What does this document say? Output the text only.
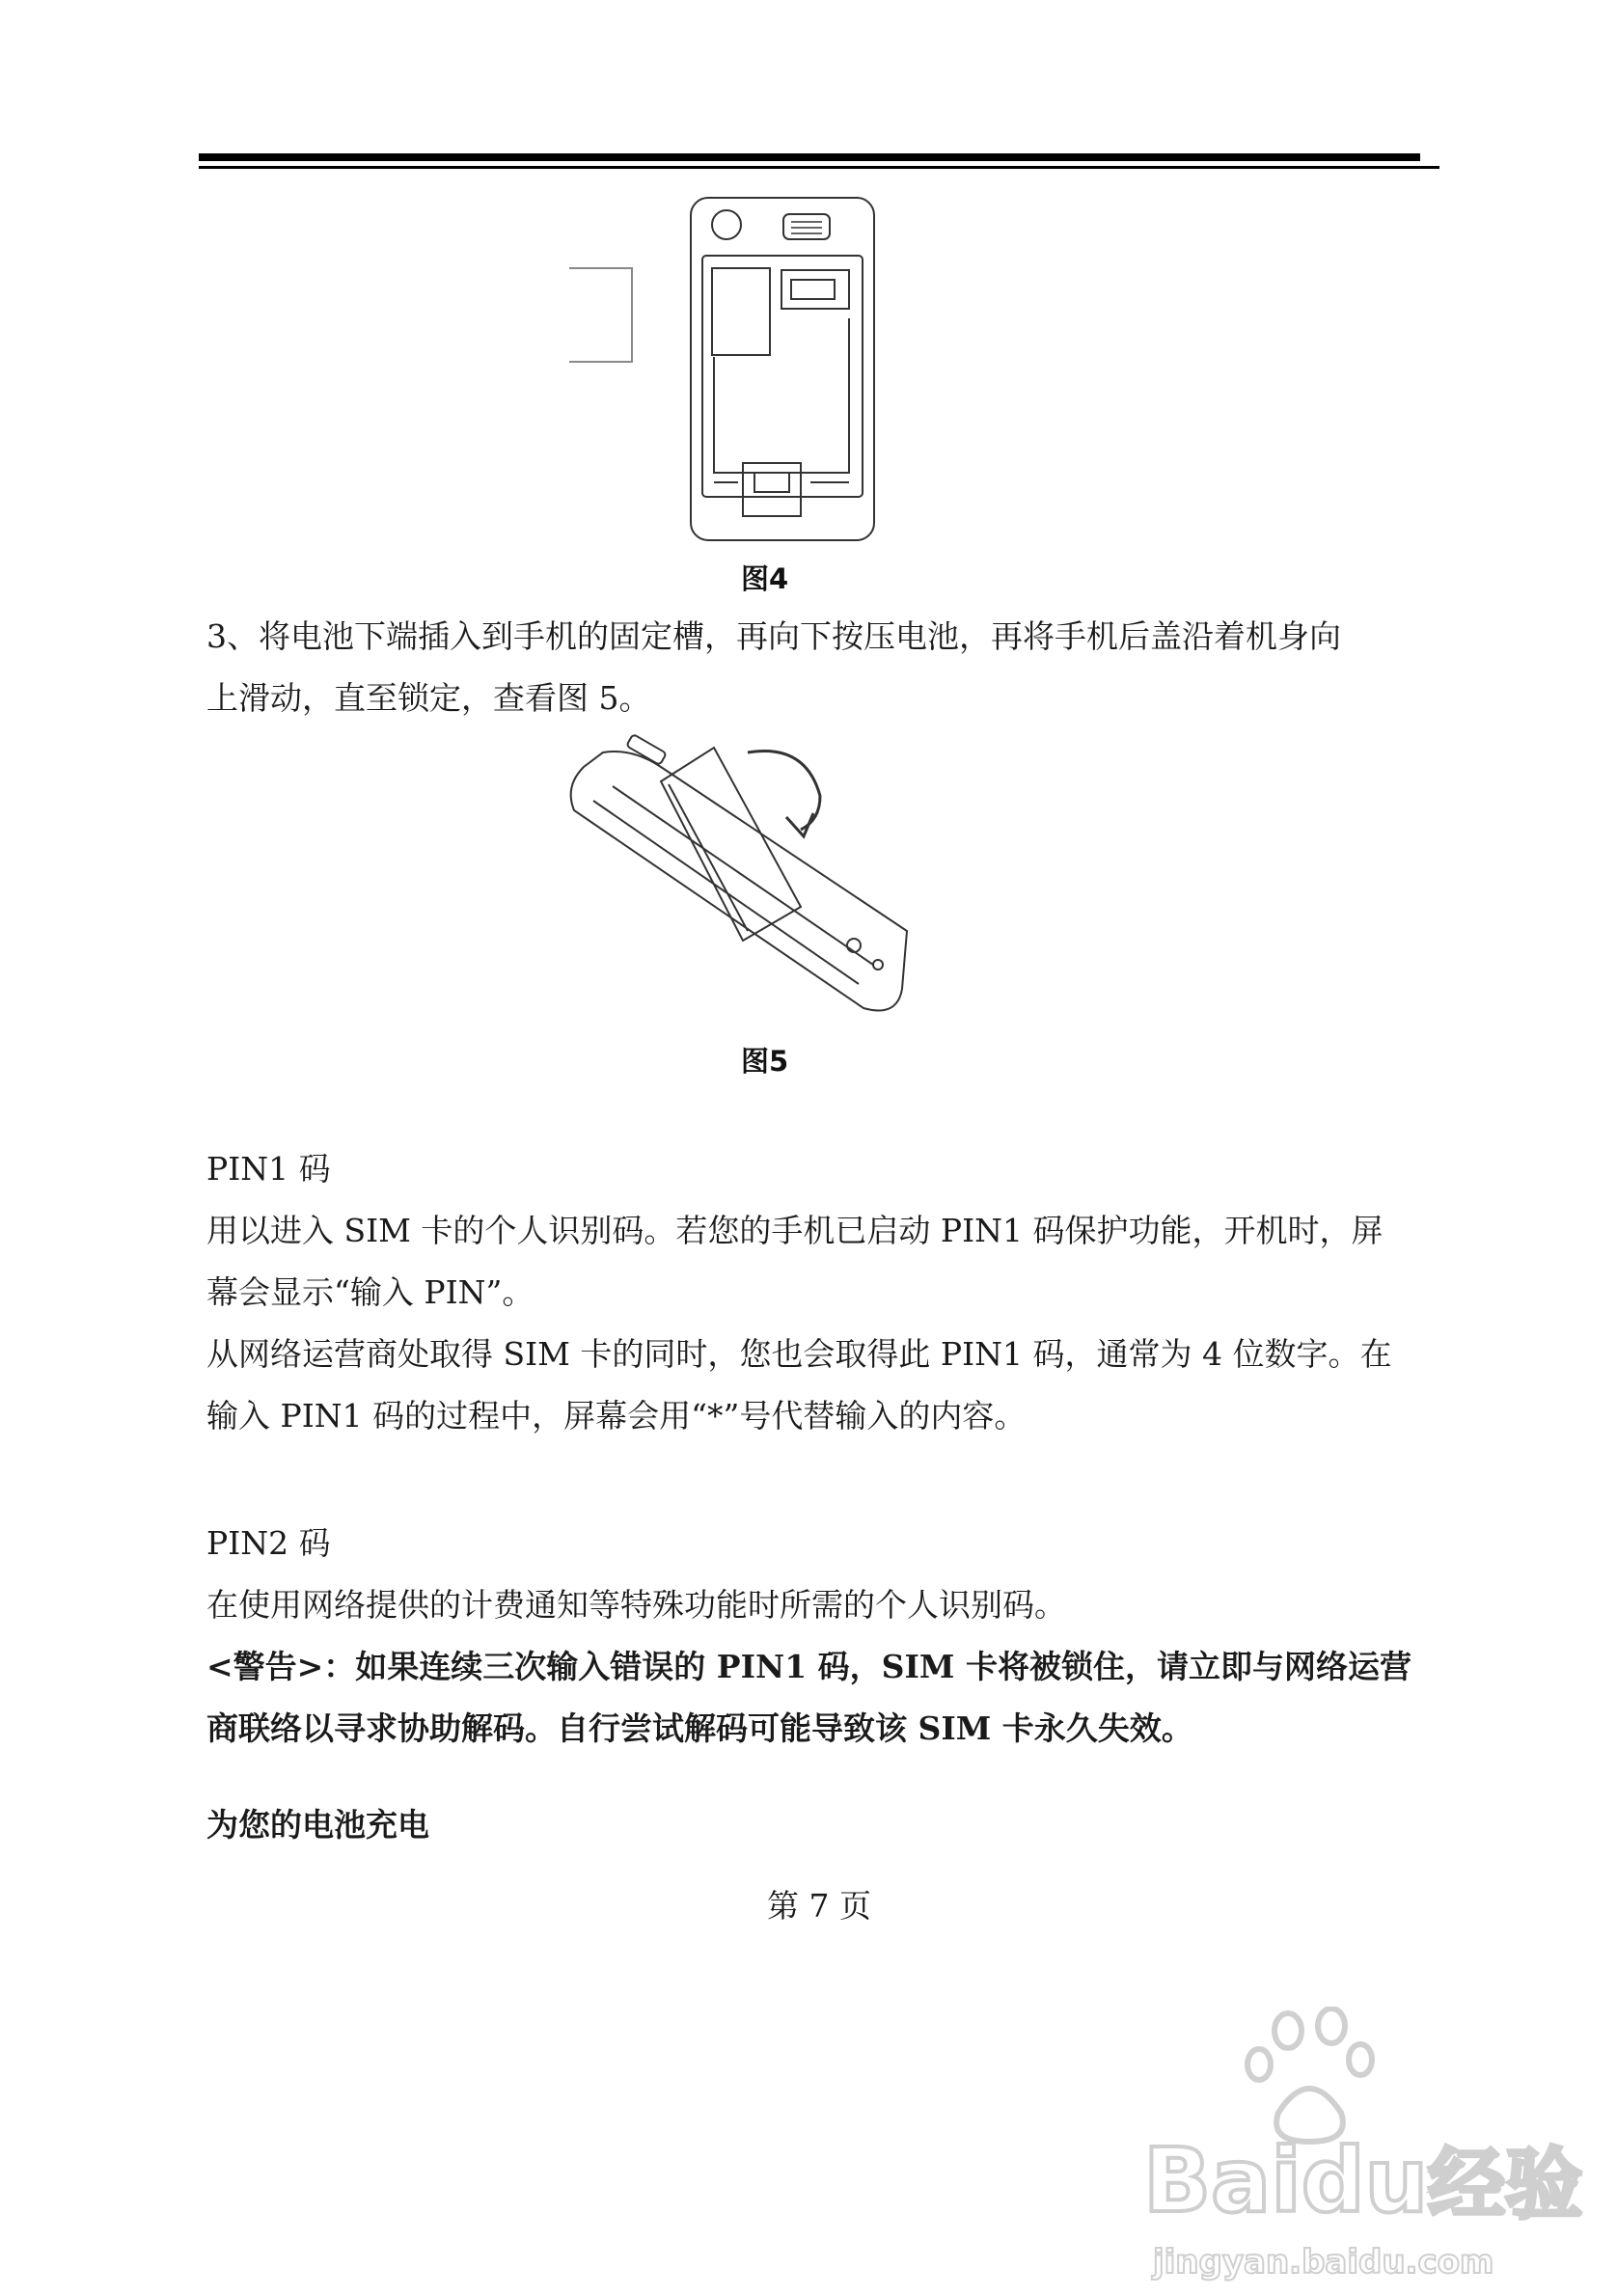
图4
3、将电池下端插入到手机的固定槽，再向下按压电池，再将手机后盖沿着机身向
上滑动，直至锁定，查看图 5。
图5
PIN1 码
用以进入 SIM 卡的个人识别码。若您的手机已启动 PIN1 码保护功能，开机时，屏
幕会显示“输入 PIN”。
从网络运营商处取得 SIM 卡的同时，您也会取得此 PIN1 码，通常为 4 位数字。在
输入 PIN1 码的过程中，屏幕会用“*”号代替输入的内容。
PIN2 码
在使用网络提供的计费通知等特殊功能时所需的个人识别码。
<警告>：如果连续三次输入错误的 PIN1 码，SIM 卡将被锁住，请立即与网络运营
商联络以寻求协助解码。自行尝试解码可能导致该 SIM 卡永久失效。
为您的电池充电
第 7 页
Baidu经验
jingyan.baidu.com
